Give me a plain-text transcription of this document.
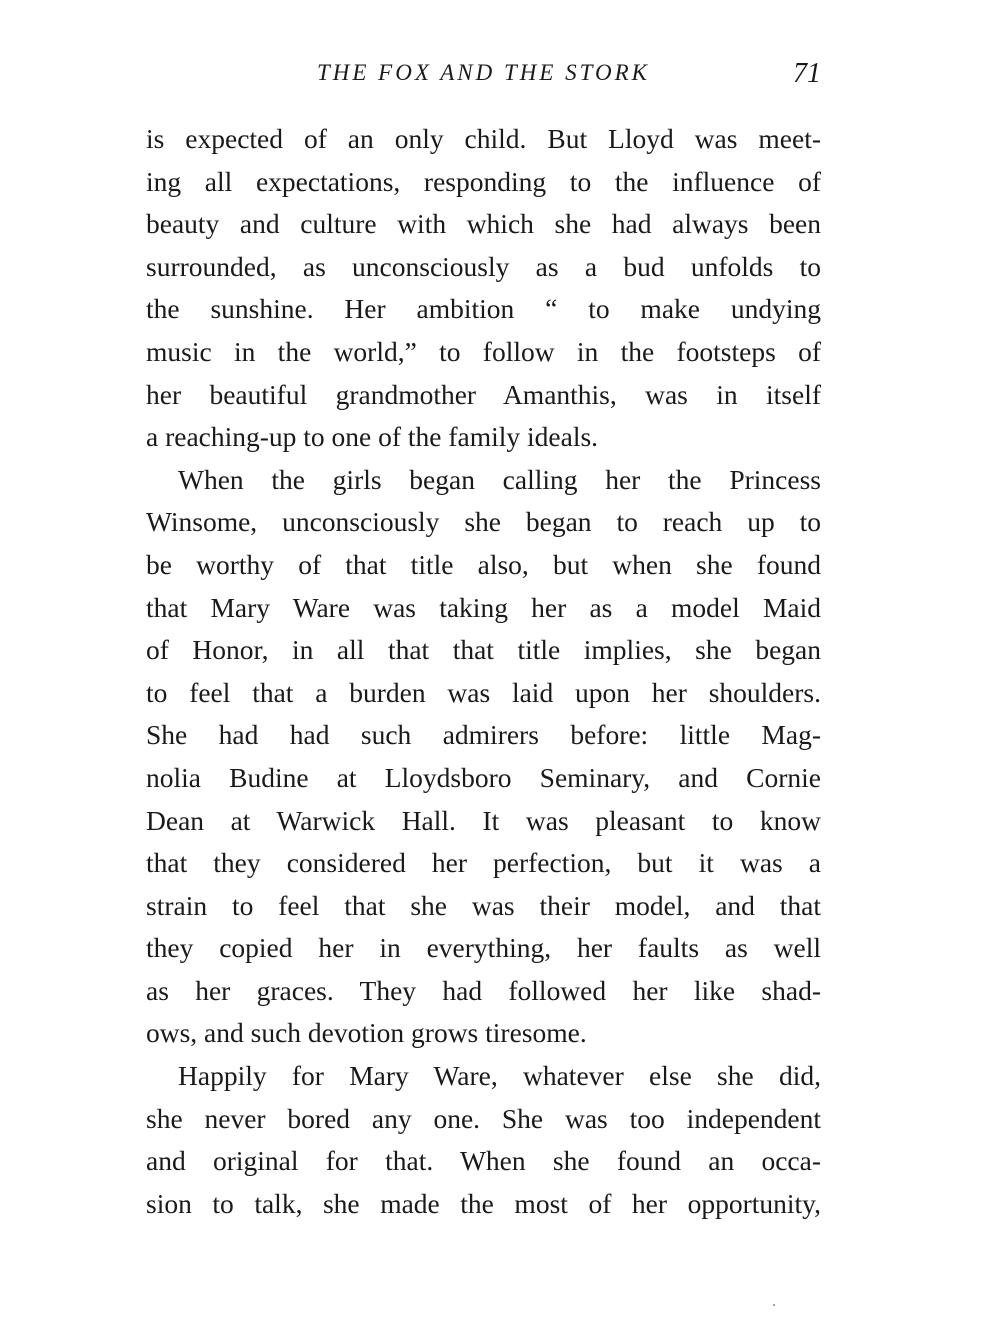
THE FOX AND THE STORK	71
is expected of an only child. But Lloyd was meet-
ing all expectations, responding to the influence of
beauty and culture with which she had always been
surrounded, as unconsciously as a bud unfolds to
the sunshine. Her ambition “ to make undying
music in the world,” to follow in the footsteps of
her beautiful grandmother Amanthis, was in itself
a reaching-up to one of the family ideals.
When the girls began calling her the Princess
Winsome, unconsciously she began to reach up to
be worthy of that title also, but when she found
that Mary Ware was taking her as a model Maid
of Honor, in all that that title implies, she began
to feel that a burden was laid upon her shoulders.
She had had such admirers before: little Mag-
nolia Budine at Lloydsboro Seminary, and Cornie
Dean at Warwick Hall. It was pleasant to know
that they considered her perfection, but it was a
strain to feel that she was their model, and that
they copied her in everything, her faults as well
as her graces. They had followed her like shad-
ows, and such devotion grows tiresome.
Happily for Mary Ware, whatever else she did,
she never bored any one. She was too independent
and original for that. When she found an occa-
sion to talk, she made the most of her opportunity,
